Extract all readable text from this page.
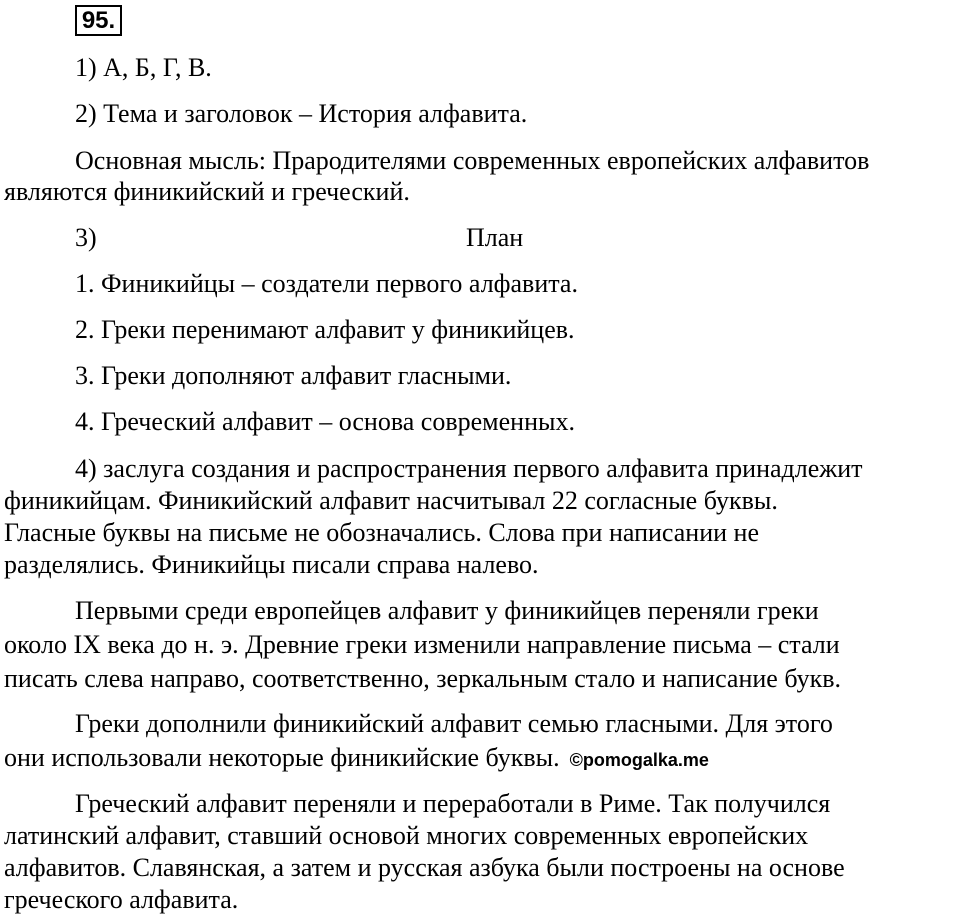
95.
1) А, Б, Г, В.
2) Тема и заголовок – История алфавита.
Основная мысль: Прародителями современных европейских алфавитов
являются финикийский и греческий.
3)	План
1. Финикийцы – создатели первого алфавита.
2. Греки перенимают алфавит у финикийцев.
3. Греки дополняют алфавит гласными.
4. Греческий алфавит – основа современных.
4) заслуга создания и распространения первого алфавита принадлежит
финикийцам. Финикийский алфавит насчитывал 22 согласные буквы.
Гласные буквы на письме не обозначались. Слова при написании не
разделялись. Финикийцы писали справа налево.
Первыми среди европейцев алфавит у финикийцев переняли греки
около IX века до н. э. Древние греки изменили направление письма – стали
писать слева направо, соответственно, зеркальным стало и написание букв.
Греки дополнили финикийский алфавит семью гласными. Для этого
они использовали некоторые финикийские буквы. ©pomogalka.me
Греческий алфавит переняли и переработали в Риме. Так получился
латинский алфавит, ставший основой многих современных европейских
алфавитов. Славянская, а затем и русская азбука были построены на основе
греческого алфавита.
